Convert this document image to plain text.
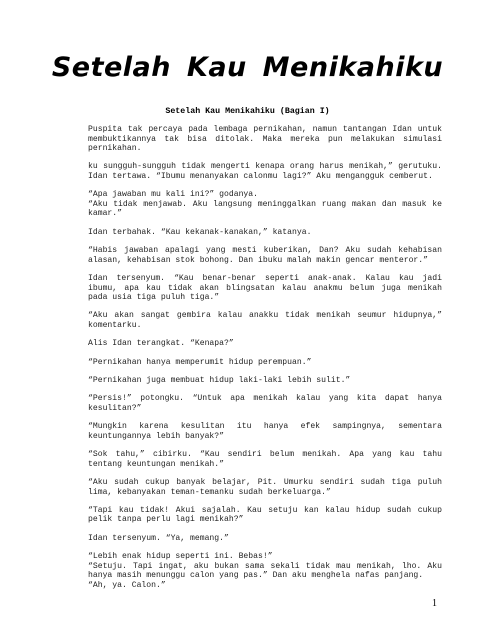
Setelah Kau Menikahiku
Setelah Kau Menikahiku (Bagian I)

Puspita tak percaya pada lembaga pernikahan, namun tantangan Idan untuk membuktikannya tak bisa ditolak. Maka mereka pun melakukan simulasi pernikahan.

ku sungguh-sungguh tidak mengerti kenapa orang harus menikah,” gerutuku. Idan tertawa. “Ibumu menanyakan calonmu lagi?” Aku mengangguk cemberut.

“Apa jawaban mu kali ini?” godanya.
“Aku tidak menjawab. Aku langsung meninggalkan ruang makan dan masuk ke kamar.”

Idan terbahak. “Kau kekanak-kanakan,” katanya.

“Habis jawaban apalagi yang mesti kuberikan, Dan? Aku sudah kehabisan alasan, kehabisan stok bohong. Dan ibuku malah makin gencar menteror.”

Idan tersenyum. “Kau benar-benar seperti anak-anak. Kalau kau jadi ibumu, apa kau tidak akan blingsatan kalau anakmu belum juga menikah pada usia tiga puluh tiga.”

“Aku akan sangat gembira kalau anakku tidak menikah seumur hidupnya,” komentarku.

Alis Idan terangkat. “Kenapa?”

“Pernikahan hanya memperumit hidup perempuan.”

“Pernikahan juga membuat hidup laki-laki lebih sulit.”

“Persis!” potongku. “Untuk apa menikah kalau yang kita dapat hanya kesulitan?”

“Mungkin karena kesulitan itu hanya efek sampingnya, sementara keuntungannya lebih banyak?”

“Sok tahu,” cibirku. “Kau sendiri belum menikah. Apa yang kau tahu tentang keuntungan menikah.”

“Aku sudah cukup banyak belajar, Pit. Umurku sendiri sudah tiga puluh lima, kebanyakan teman-temanku sudah berkeluarga.”

“Tapi kau tidak! Akui sajalah. Kau setuju kan kalau hidup sudah cukup pelik tanpa perlu lagi menikah?”

Idan tersenyum. “Ya, memang.”

“Lebih enak hidup seperti ini. Bebas!”
“Setuju. Tapi ingat, aku bukan sama sekali tidak mau menikah, lho. Aku hanya masih menunggu calon yang pas.” Dan aku menghela nafas panjang.
“Ah, ya. Calon.”

1
